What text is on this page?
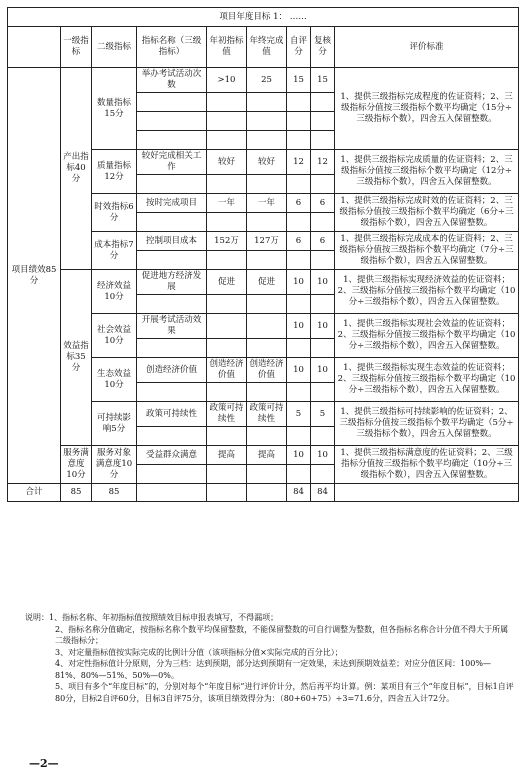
项目年度目标 1： ……								
	一级指标	二级指标	指标名称（三级指标）	年初指标值	年终完成值	自评分	复核分	评价标准
项目绩效85分	产出指标40分	数量指标15分	举办考试活动次数	>10	25	15	15	1、提供三级指标完成程度的佐证资料；2、三级指标分值按三级指标个数平均确定（15分÷三级指标个数），四舍五入保留整数。

		质量指标12分	较好完成相关工作	较好	较好	12	12	1、提供三级指标完成质量的佐证资料；2、三级指标分值按三级指标个数平均确定（12分÷三级指标个数），四舍五入保留整数。

		时效指标6分	按时完成项目	一年	一年	6	6	1、提供三级指标完成时效的佐证资料；2、三级指标分值按三级指标个数平均确定（6分÷三级指标个数），四舍五入保留整数。

		成本指标7分	控制项目成本	152万	127万	6	6	1、提供三级指标完成成本的佐证资料；2、三级指标分值按三级指标个数平均确定（7分÷三级指标个数），四舍五入保留整数。

	效益指标35分	经济效益10分	促进地方经济发展	促进	促进	10	10	1、提供三级指标实现经济效益的佐证资料；2、三级指标分值按三级指标个数平均确定（10分÷三级指标个数），四舍五入保留整数。

		社会效益10分	开展考试活动效果			10	10	1、提供三级指标实现社会效益的佐证资料；2、三级指标分值按三级指标个数平均确定（10分÷三级指标个数），四舍五入保留整数。

		生态效益10分	创造经济价值	创造经济价值	创造经济价值	10	10	1、提供三级指标实现生态效益的佐证资料；2、三级指标分值按三级指标个数平均确定（10分÷三级指标个数），四舍五入保留整数。

		可持续影响5分	政策可持续性	政策可持续性	政策可持续性	5	5	1、提供三级指标可持续影响的佐证资料；2、三级指标分值按三级指标个数平均确定（5分÷三级指标个数），四舍五入保留整数。

	服务满意度10分	服务对象满意度10分	受益群众满意	提高	提高	10	10	1、提供三级指标满意度的佐证资料；2、三级指标分值按三级指标个数平均确定（10分÷三级指标个数），四舍五入保留整数。

合计	85	85				84	84	

说明：1、指标名称、年初指标值按照绩效目标申报表填写，不得漏项；

2、指标名称分值确定，按指标名称个数平均保留整数，不能保留整数的可自行调整为整数，但各指标名称合计分值不得大于所属二级指标分；

3、对定量指标值按实际完成的比例计分值（该项指标分值×实际完成的百分比）；

4、对定性指标值计分原则，分为三档：达到预期，部分达到预期有一定效果，未达到预期效益差；对应分值区间：100%—81%、80%—51%、50%—0%。

5、项目有多个“年度目标”的，分别对每个“年度目标”进行评价计分，然后再平均计算。例：某项目有三个“年度目标”，目标1自评80分，目标2自评60分，目标3自评75分，该项目绩效得分为：（80+60+75）÷3=71.6分，四舍五入计72分。

—2—
